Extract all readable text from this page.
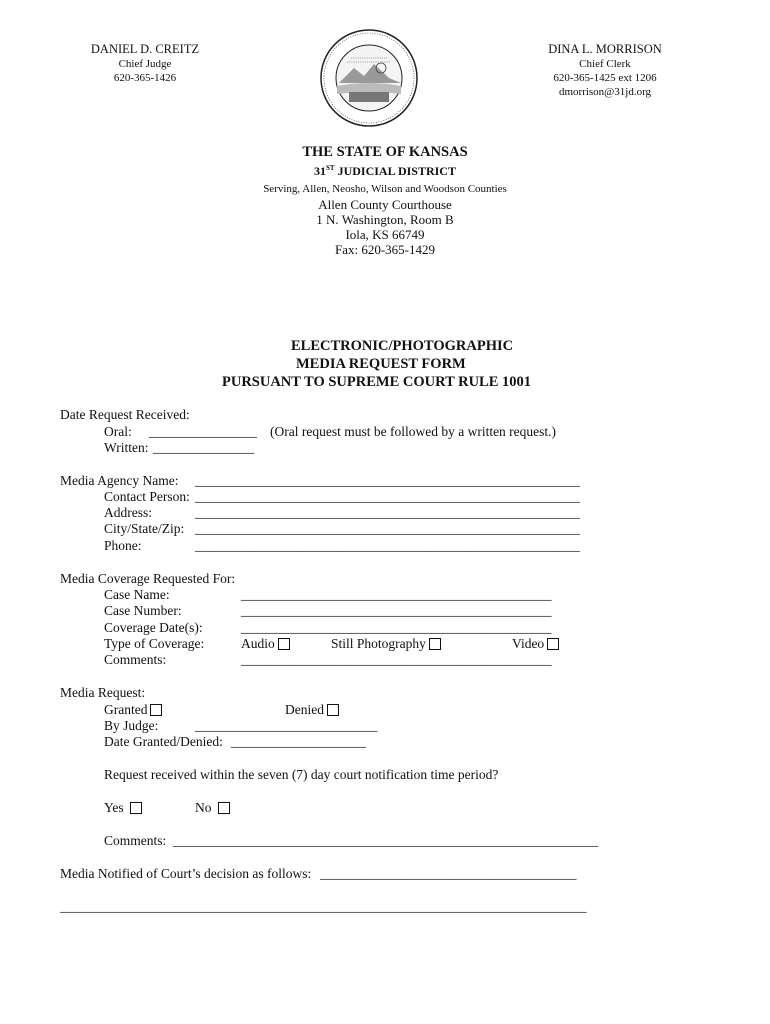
DANIEL D. CREITZ
Chief Judge
620-365-1426
DINA L. MORRISON
Chief Clerk
620-365-1425 ext 1206
dmorrison@31jd.org
THE STATE OF KANSAS
31ST JUDICIAL DISTRICT
Serving, Allen, Neosho, Wilson and Woodson Counties
Allen County Courthouse
1 N. Washington, Room B
Iola, KS 66749
Fax: 620-365-1429
ELECTRONIC/PHOTOGRAPHIC
MEDIA REQUEST FORM
PURSUANT TO SUPREME COURT RULE 1001
Date Request Received:
Oral: ________________ (Oral request must be followed by a written request.)
Written: _______________
Media Agency Name: _________________________________________________________
Contact Person: _________________________________________________________
Address:	_________________________________________________________
City/State/Zip: _________________________________________________________
Phone:	_________________________________________________________
Media Coverage Requested For:
Case Name:	______________________________________________
Case Number:	______________________________________________
Coverage Date(s):	______________________________________________
Type of Coverage:	Audio	Still Photography	Video
Comments:	______________________________________________
Media Request:
Granted	Denied
By Judge:	___________________________
Date Granted/Denied: ____________________
Request received within the seven (7) day court notification time period?
Yes	No
Comments: _______________________________________________________________
Media Notified of Court’s decision as follows: ______________________________________
______________________________________________________________________________
